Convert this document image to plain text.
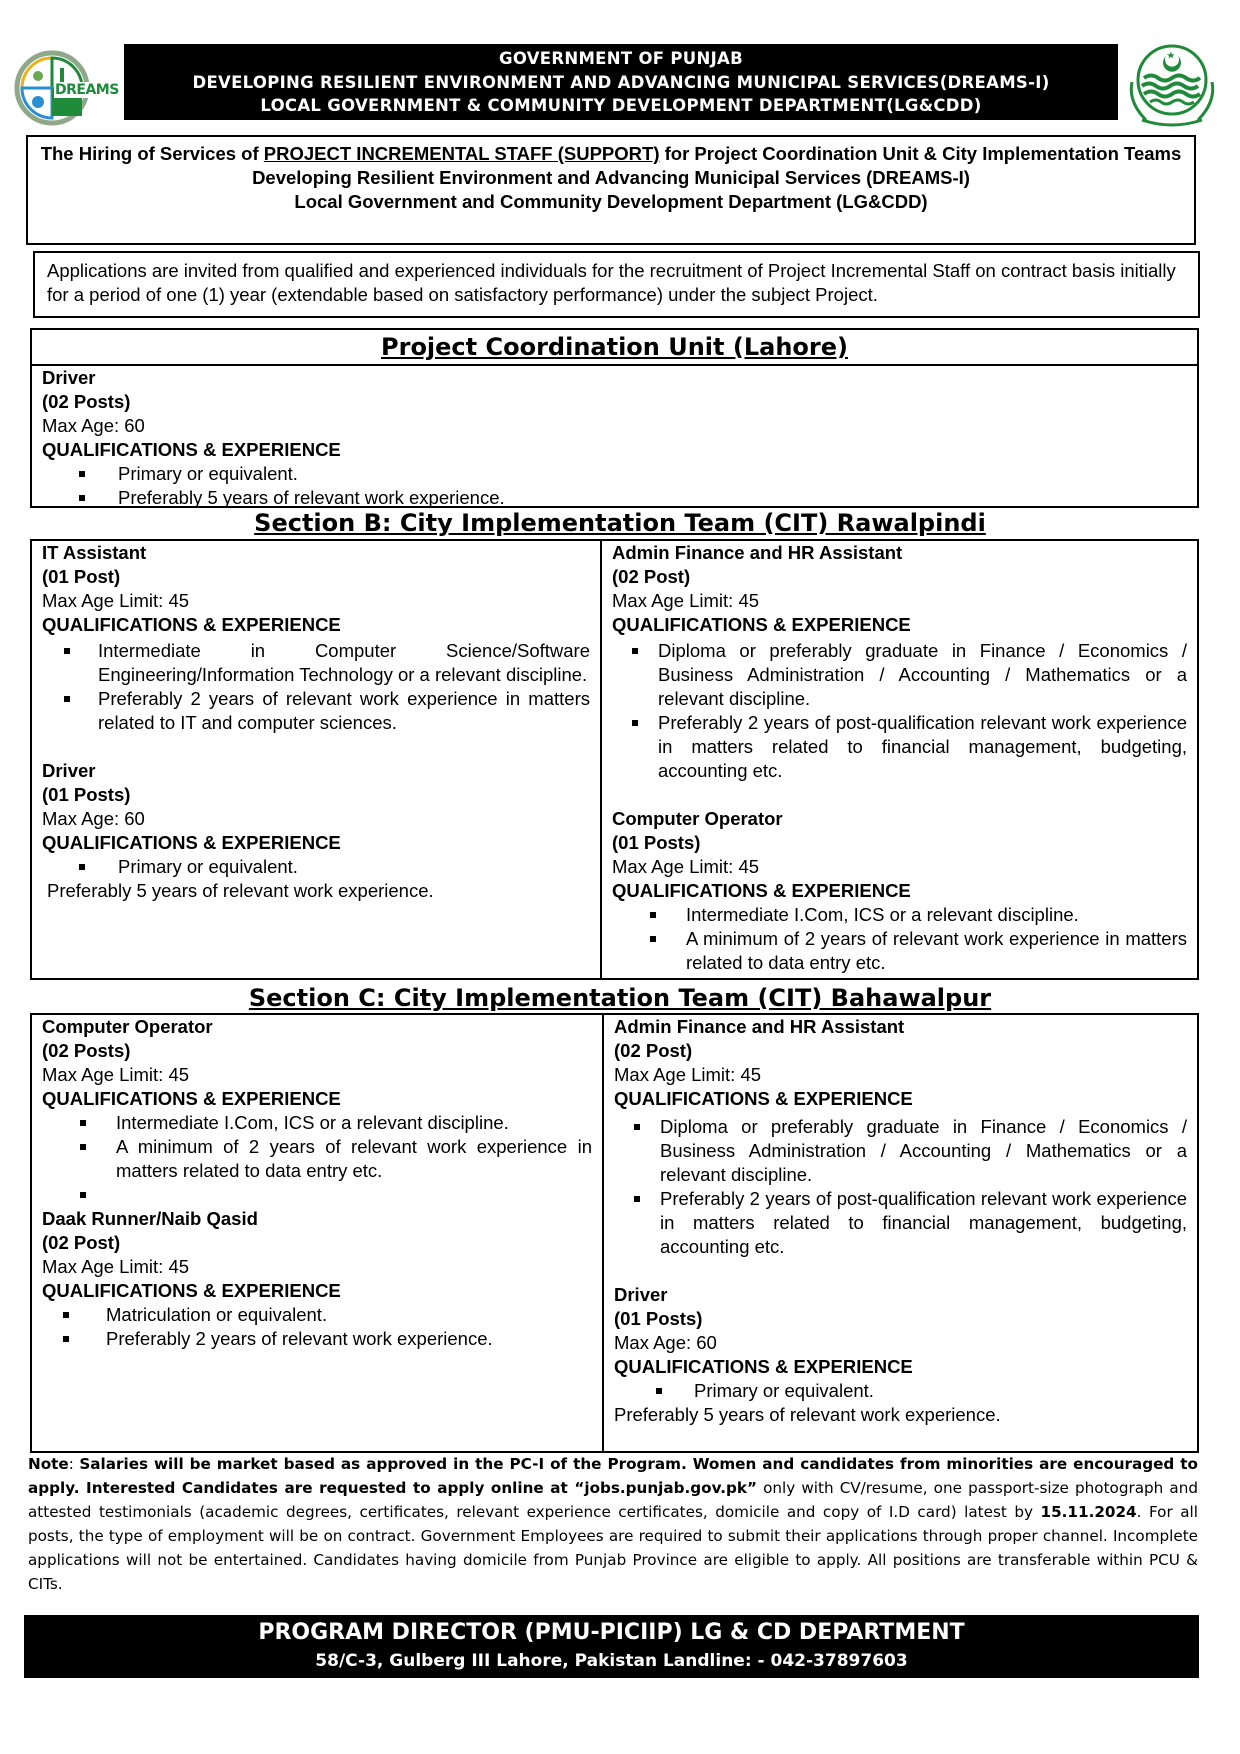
DREAMS
GOVERNMENT OF PUNJAB
DEVELOPING RESILIENT ENVIRONMENT AND ADVANCING MUNICIPAL SERVICES(DREAMS-I)
LOCAL GOVERNMENT & COMMUNITY DEVELOPMENT DEPARTMENT(LG&CDD)
The Hiring of Services of PROJECT INCREMENTAL STAFF (SUPPORT) for Project Coordination Unit & City Implementation Teams
Developing Resilient Environment and Advancing Municipal Services (DREAMS-I)
Local Government and Community Development Department (LG&CDD)
Applications are invited from qualified and experienced individuals for the recruitment of Project Incremental Staff on contract basis initially for a period of one (1) year (extendable based on satisfactory performance) under the subject Project.
Project Coordination Unit (Lahore)
Driver
(02 Posts)
Max Age: 60
QUALIFICATIONS & EXPERIENCE
Primary or equivalent.
Preferably 5 years of relevant work experience.
Section B: City Implementation Team (CIT) Rawalpindi
IT Assistant
(01 Post)
Max Age Limit: 45
QUALIFICATIONS & EXPERIENCE
Intermediate in Computer Science/Software Engineering/Information Technology or a relevant discipline.
Preferably 2 years of relevant work experience in matters related to IT and computer sciences.
Driver
(01 Posts)
Max Age: 60
QUALIFICATIONS & EXPERIENCE
Primary or equivalent.
Preferably 5 years of relevant work experience.
Admin Finance and HR Assistant
(02 Post)
Max Age Limit: 45
QUALIFICATIONS & EXPERIENCE
Diploma or preferably graduate in Finance / Economics / Business Administration / Accounting / Mathematics or a relevant discipline.
Preferably 2 years of post-qualification relevant work experience in matters related to financial management, budgeting, accounting etc.
Computer Operator
(01 Posts)
Max Age Limit: 45
QUALIFICATIONS & EXPERIENCE
Intermediate I.Com, ICS or a relevant discipline.
A minimum of 2 years of relevant work experience in matters related to data entry etc.
Section C: City Implementation Team (CIT) Bahawalpur
Computer Operator
(02 Posts)
Max Age Limit: 45
QUALIFICATIONS & EXPERIENCE
Intermediate I.Com, ICS or a relevant discipline.
A minimum of 2 years of relevant work experience in matters related to data entry etc.
Daak Runner/Naib Qasid
(02 Post)
Max Age Limit: 45
QUALIFICATIONS & EXPERIENCE
Matriculation or equivalent.
Preferably 2 years of relevant work experience.
Admin Finance and HR Assistant
(02 Post)
Max Age Limit: 45
QUALIFICATIONS & EXPERIENCE
Diploma or preferably graduate in Finance / Economics / Business Administration / Accounting / Mathematics or a relevant discipline.
Preferably 2 years of post-qualification relevant work experience in matters related to financial management, budgeting, accounting etc.
Driver
(01 Posts)
Max Age: 60
QUALIFICATIONS & EXPERIENCE
Primary or equivalent.
Preferably 5 years of relevant work experience.
Note: Salaries will be market based as approved in the PC-I of the Program. Women and candidates from minorities are encouraged to apply. Interested Candidates are requested to apply online at “jobs.punjab.gov.pk” only with CV/resume, one passport-size photograph and attested testimonials (academic degrees, certificates, relevant experience certificates, domicile and copy of I.D card) latest by 15.11.2024. For all posts, the type of employment will be on contract. Government Employees are required to submit their applications through proper channel. Incomplete applications will not be entertained. Candidates having domicile from Punjab Province are eligible to apply. All positions are transferable within PCU & CITs.
PROGRAM DIRECTOR (PMU-PICIIP) LG & CD DEPARTMENT
58/C-3, Gulberg III Lahore, Pakistan Landline: - 042-37897603
